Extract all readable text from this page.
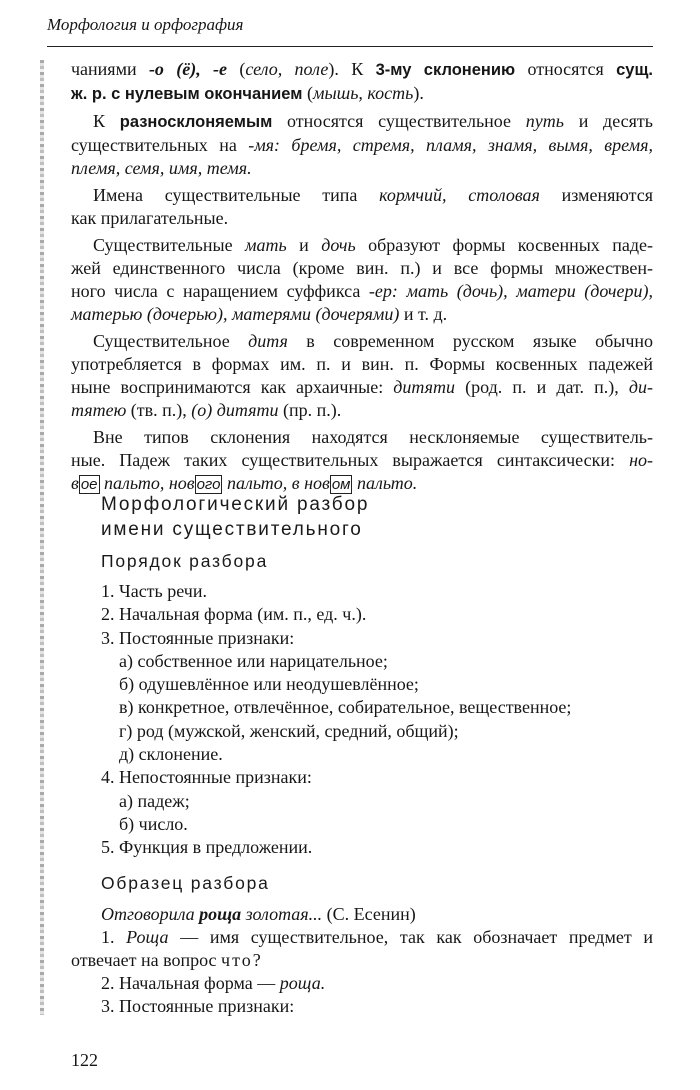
Морфология и орфография

чаниями -о (ё), -е (село, поле). К 3-му склонению относятся сущ.
ж. р. с нулевым окончанием (мышь, кость).

К разносклоняемым относятся существительное путь и десять
существительных на -мя: бремя, стремя, пламя, знамя, вымя, время,
племя, семя, имя, темя.

Имена существительные типа кормчий, столовая изменяются
как прилагательные.

Существительные мать и дочь образуют формы косвенных паде-
жей единственного числа (кроме вин. п.) и все формы множествен-
ного числа с наращением суффикса -ер: мать (дочь), матери (дочери),
матерью (дочерью), матерями (дочерями) и т. д.

Существительное дитя в современном русском языке обычно
употребляется в формах им. п. и вин. п. Формы косвенных падежей
ныне воспринимаются как архаичные: дитяти (род. п. и дат. п.), ди-
тятею (тв. п.), (о) дитяти (пр. п.).

Вне типов склонения находятся несклоняемые существитель-
ные. Падеж таких существительных выражается синтаксически: но-
в ое пальто, нов ого пальто, в нов ом пальто.

Морфологический разбор
имени существительного
Порядок разбора
1. Часть речи.
2. Начальная форма (им. п., ед. ч.).
3. Постоянные признаки:
а) собственное или нарицательное;
б) одушевлённое или неодушевлённое;
в) конкретное, отвлечённое, собирательное, вещественное;
г) род (мужской, женский, средний, общий);
д) склонение.
4. Непостоянные признаки:
а) падеж;
б) число.
5. Функция в предложении.
Образец разбора
Отговорила роща золотая... (С. Есенин)
1. Роща — имя существительное, так как обозначает предмет и
отвечает на вопрос что?
2. Начальная форма — роща.
3. Постоянные признаки:
122
